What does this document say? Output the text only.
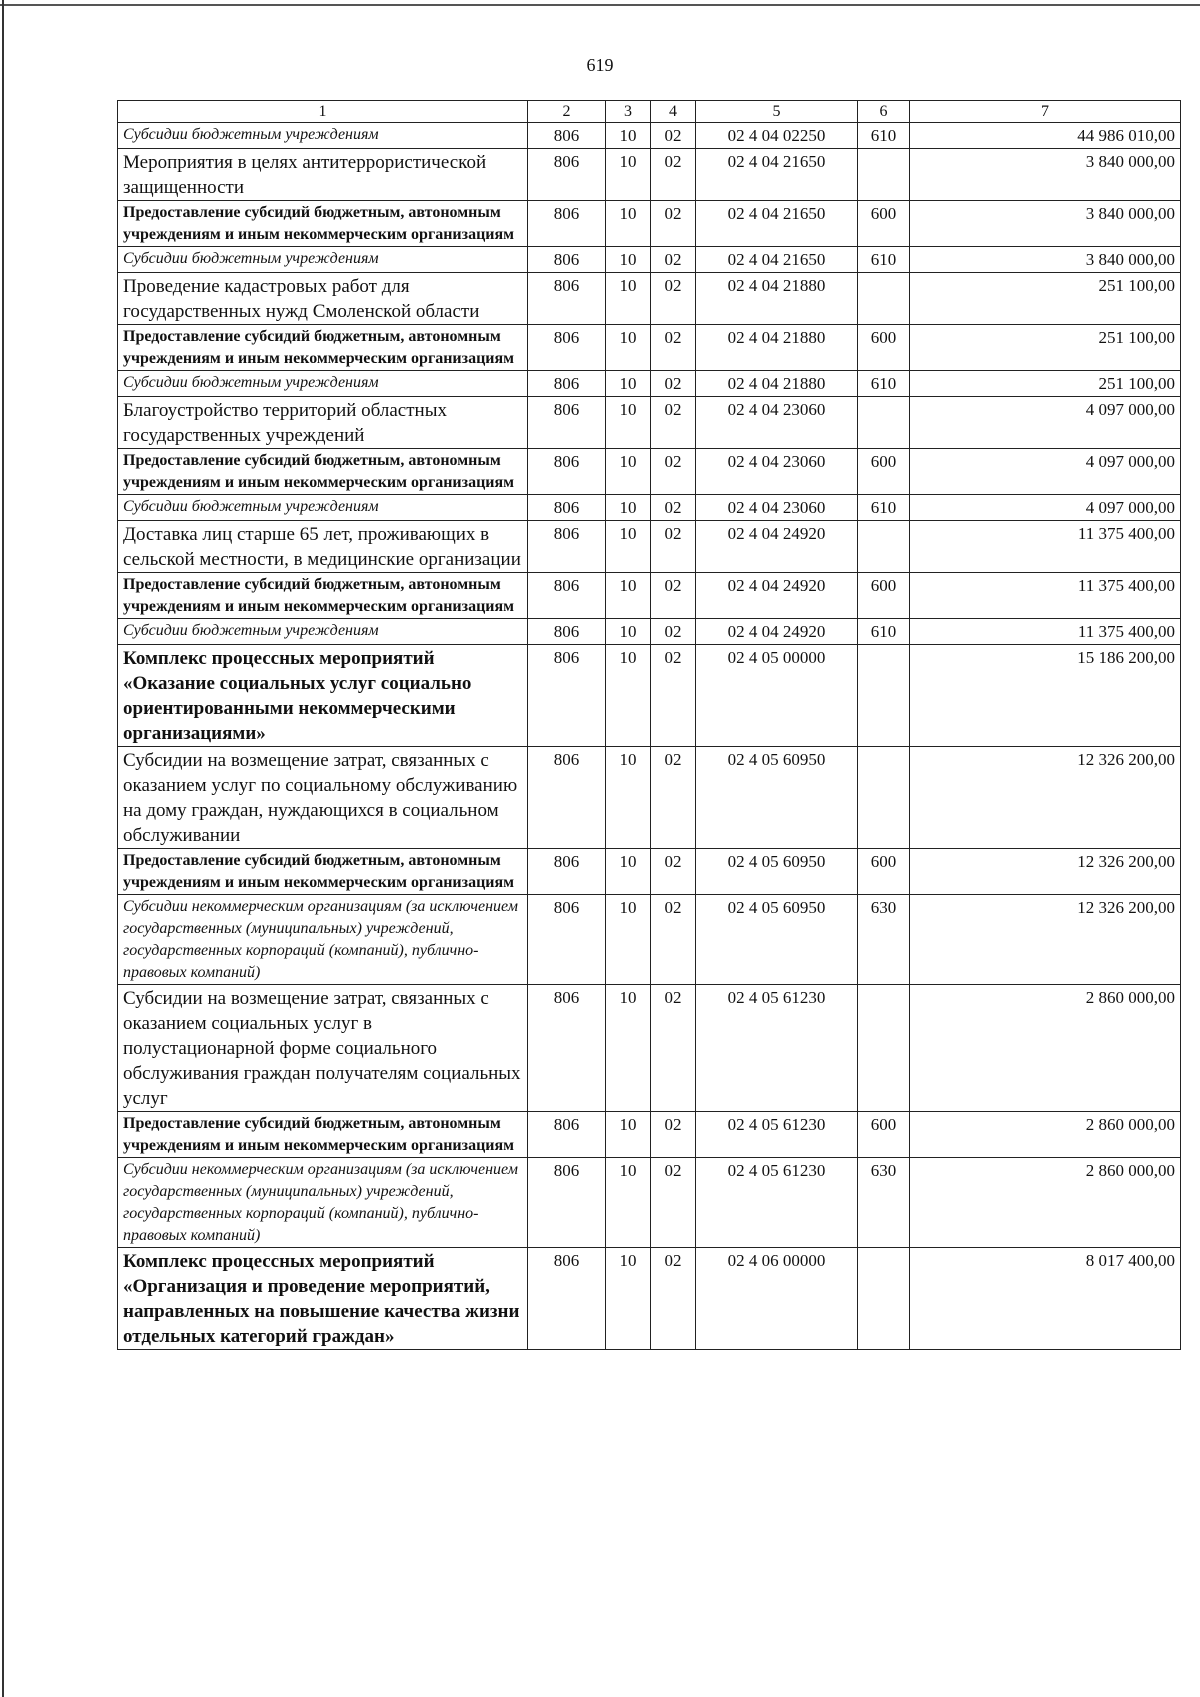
619
1	2	3	4	5	6	7
Субсидии бюджетным учреждениям	806	10	02	02 4 04 02250	610	44 986 010,00
Мероприятия в целях антитеррористической защищенности	806	10	02	02 4 04 21650		3 840 000,00
Предоставление субсидий бюджетным, автономным учреждениям и иным некоммерческим организациям	806	10	02	02 4 04 21650	600	3 840 000,00
Субсидии бюджетным учреждениям	806	10	02	02 4 04 21650	610	3 840 000,00
Проведение кадастровых работ для государственных нужд Смоленской области	806	10	02	02 4 04 21880		251 100,00
Предоставление субсидий бюджетным, автономным учреждениям и иным некоммерческим организациям	806	10	02	02 4 04 21880	600	251 100,00
Субсидии бюджетным учреждениям	806	10	02	02 4 04 21880	610	251 100,00
Благоустройство территорий областных государственных учреждений	806	10	02	02 4 04 23060		4 097 000,00
Предоставление субсидий бюджетным, автономным учреждениям и иным некоммерческим организациям	806	10	02	02 4 04 23060	600	4 097 000,00
Субсидии бюджетным учреждениям	806	10	02	02 4 04 23060	610	4 097 000,00
Доставка лиц старше 65 лет, проживающих в сельской местности, в медицинские организации	806	10	02	02 4 04 24920		11 375 400,00
Предоставление субсидий бюджетным, автономным учреждениям и иным некоммерческим организациям	806	10	02	02 4 04 24920	600	11 375 400,00
Субсидии бюджетным учреждениям	806	10	02	02 4 04 24920	610	11 375 400,00
Комплекс процессных мероприятий «Оказание социальных услуг социально ориентированными некоммерческими организациями»	806	10	02	02 4 05 00000		15 186 200,00
Субсидии на возмещение затрат, связанных с оказанием услуг по социальному обслуживанию на дому граждан, нуждающихся в социальном обслуживании	806	10	02	02 4 05 60950		12 326 200,00
Предоставление субсидий бюджетным, автономным учреждениям и иным некоммерческим организациям	806	10	02	02 4 05 60950	600	12 326 200,00
Субсидии некоммерческим организациям (за исключением государственных (муниципальных) учреждений, государственных корпораций (компаний), публично-правовых компаний)	806	10	02	02 4 05 60950	630	12 326 200,00
Субсидии на возмещение затрат, связанных с оказанием социальных услуг в полустационарной форме социального обслуживания граждан получателям социальных услуг	806	10	02	02 4 05 61230		2 860 000,00
Предоставление субсидий бюджетным, автономным учреждениям и иным некоммерческим организациям	806	10	02	02 4 05 61230	600	2 860 000,00
Субсидии некоммерческим организациям (за исключением государственных (муниципальных) учреждений, государственных корпораций (компаний), публично-правовых компаний)	806	10	02	02 4 05 61230	630	2 860 000,00
Комплекс процессных мероприятий «Организация и проведение мероприятий, направленных на повышение качества жизни отдельных категорий граждан»	806	10	02	02 4 06 00000		8 017 400,00
